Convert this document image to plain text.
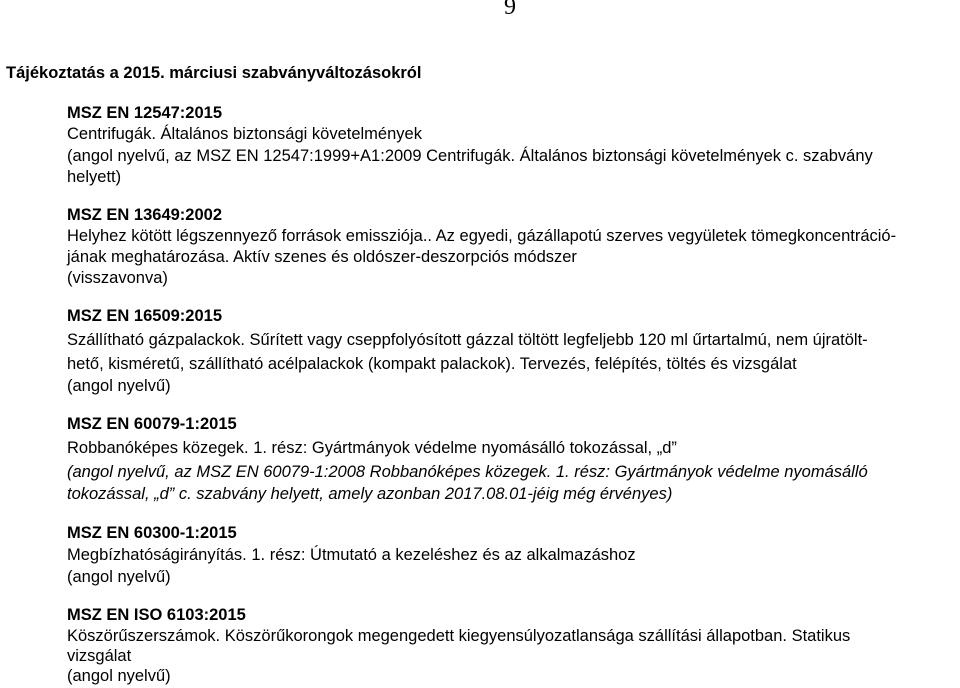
9
Tájékoztatás a 2015. márciusi szabványváltozásokról
MSZ EN 12547:2015
Centrifugák. Általános biztonsági követelmények
(angol nyelvű, az MSZ EN 12547:1999+A1:2009 Centrifugák. Általános biztonsági követelmények c. szabvány
helyett)
MSZ EN 13649:2002
Helyhez kötött légszennyező források emissziója.. Az egyedi, gázállapotú szerves vegyületek tömegkoncentráció-
jának meghatározása. Aktív szenes és oldószer-deszorpciós módszer
(visszavonva)
MSZ EN 16509:2015
Szállítható gázpalackok. Sűrített vagy cseppfolyósított gázzal töltött legfeljebb 120 ml űrtartalmú, nem újratölt-
hető, kisméretű, szállítható acélpalackok (kompakt palackok). Tervezés, felépítés, töltés és vizsgálat
(angol nyelvű)
MSZ EN 60079-1:2015
Robbanóképes közegek. 1. rész: Gyártmányok védelme nyomásálló tokozással, „d”
(angol nyelvű, az MSZ EN 60079-1:2008 Robbanóképes közegek. 1. rész: Gyártmányok védelme nyomásálló
tokozással, „d” c. szabvány helyett, amely azonban 2017.08.01-jéig még érvényes)
MSZ EN 60300-1:2015
Megbízhatóságirányítás. 1. rész: Útmutató a kezeléshez és az alkalmazáshoz
(angol nyelvű)
MSZ EN ISO 6103:2015
Köszörűszerszámok. Köszörűkorongok megengedett kiegyensúlyozatlansága szállítási állapotban. Statikus
vizsgálat
(angol nyelvű)
